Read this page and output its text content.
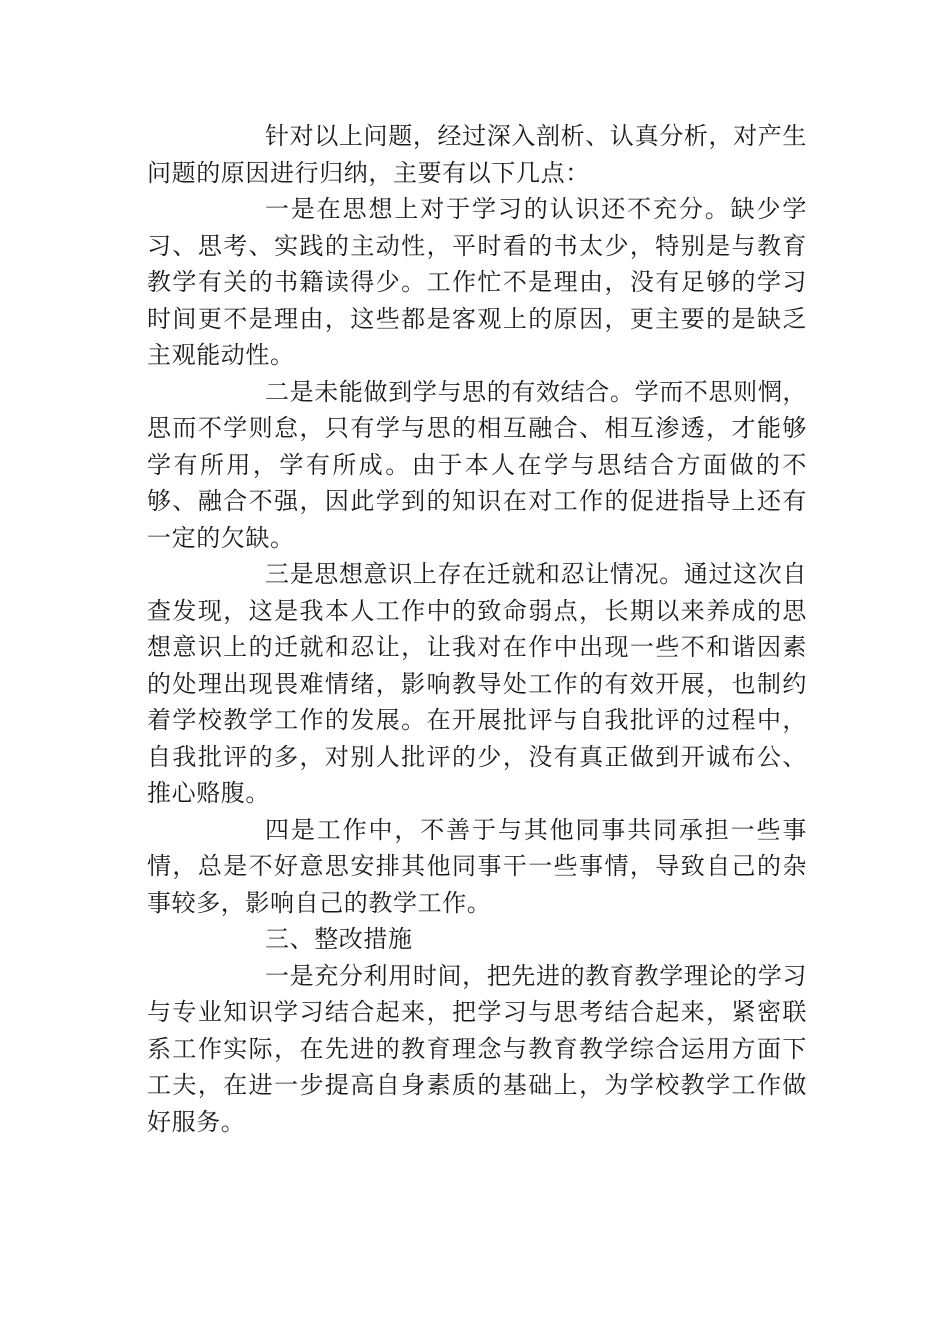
针对以上问题，经过深入剖析、认真分析，对产生问题的原因进行归纳，主要有以下几点：

一是在思想上对于学习的认识还不充分。缺少学习、思考、实践的主动性，平时看的书太少，特别是与教育教学有关的书籍读得少。工作忙不是理由，没有足够的学习时间更不是理由，这些都是客观上的原因，更主要的是缺乏主观能动性。

二是未能做到学与思的有效结合。学而不思则惘，思而不学则怠，只有学与思的相互融合、相互渗透，才能够学有所用，学有所成。由于本人在学与思结合方面做的不够、融合不强，因此学到的知识在对工作的促进指导上还有一定的欠缺。

三是思想意识上存在迁就和忍让情况。通过这次自查发现，这是我本人工作中的致命弱点，长期以来养成的思想意识上的迁就和忍让，让我对在作中出现一些不和谐因素的处理出现畏难情绪，影响教导处工作的有效开展，也制约着学校教学工作的发展。在开展批评与自我批评的过程中，自我批评的多，对别人批评的少，没有真正做到开诚布公、推心赂腹。

四是工作中，不善于与其他同事共同承担一些事情，总是不好意思安排其他同事干一些事情，导致自己的杂事较多，影响自己的教学工作。

三、整改措施

一是充分利用时间，把先进的教育教学理论的学习与专业知识学习结合起来，把学习与思考结合起来，紧密联系工作实际，在先进的教育理念与教育教学综合运用方面下工夫，在进一步提高自身素质的基础上，为学校教学工作做好服务。
